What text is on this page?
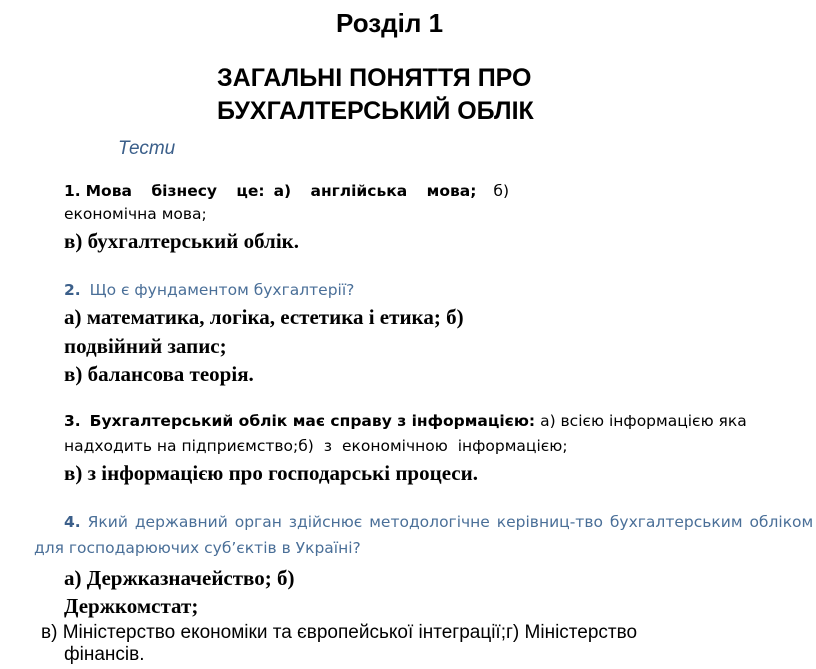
Розділ 1
ЗАГАЛЬНІ ПОНЯТТЯ ПРО
БУХГАЛТЕРСЬКИЙ ОБЛІК
Тести
1. Мова бізнесу це: а) англійська мова; б)
економічна мова;
в) бухгалтерський облік.
2. Що є фундаментом бухгалтерії?
а) математика, логіка, естетика і етика; б)
подвійний запис;
в) балансова теорія.
3. Бухгалтерський облік має справу з інформацією: а) всією інформацією яка
надходить на підприємство;б) з економічною інформацією;
в) з інформацією про господарські процеси.
4. Який державний орган здійснює методологічне керівниц-тво бухгалтерським обліком
для господарюючих суб’єктів в Україні?
а) Держказначейство; б)
Держкомстат;
в) Міністерство економіки та європейської інтеграції;г) Міністерство
фінансів.
